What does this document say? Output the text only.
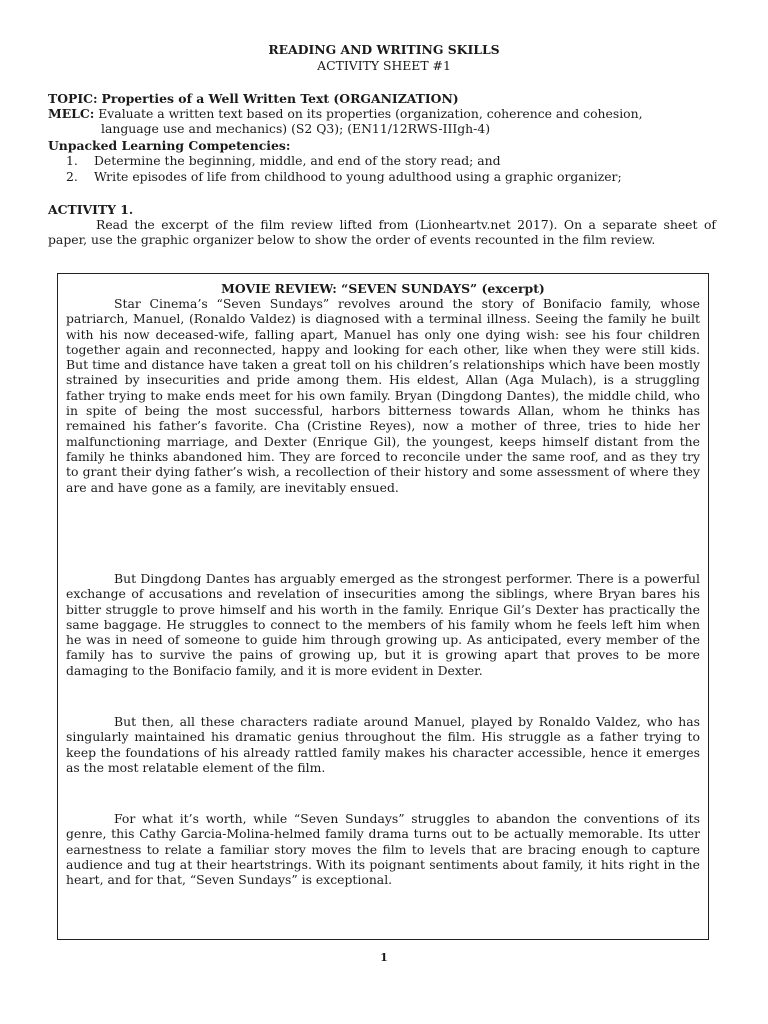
READING AND WRITING SKILLS
ACTIVITY SHEET #1
TOPIC: Properties of a Well Written Text (ORGANIZATION)
MELC: Evaluate a written text based on its properties (organization, coherence and cohesion,
language use and mechanics) (S2 Q3); (EN11/12RWS-IIIgh-4)
Unpacked Learning Competencies:
1. Determine the beginning, middle, and end of the story read; and
2. Write episodes of life from childhood to young adulthood using a graphic organizer;
ACTIVITY 1.
Read the excerpt of the film review lifted from (Lionheartv.net 2017). On a separate sheet of paper, use the graphic organizer below to show the order of events recounted in the film review.
MOVIE REVIEW: “SEVEN SUNDAYS” (excerpt)
Star Cinema’s “Seven Sundays” revolves around the story of Bonifacio family, whose patriarch, Manuel, (Ronaldo Valdez) is diagnosed with a terminal illness. Seeing the family he built with his now deceased-wife, falling apart, Manuel has only one dying wish: see his four children together again and reconnected, happy and looking for each other, like when they were still kids. But time and distance have taken a great toll on his children’s relationships which have been mostly strained by insecurities and pride among them. His eldest, Allan (Aga Mulach), is a struggling father trying to make ends meet for his own family. Bryan (Dingdong Dantes), the middle child, who in spite of being the most successful, harbors bitterness towards Allan, whom he thinks has remained his father’s favorite. Cha (Cristine Reyes), now a mother of three, tries to hide her malfunctioning marriage, and Dexter (Enrique Gil), the youngest, keeps himself distant from the family he thinks abandoned him. They are forced to reconcile under the same roof, and as they try to grant their dying father’s wish, a recollection of their history and some assessment of where they are and have gone as a family, are inevitably ensued.
But Dingdong Dantes has arguably emerged as the strongest performer. There is a powerful exchange of accusations and revelation of insecurities among the siblings, where Bryan bares his bitter struggle to prove himself and his worth in the family. Enrique Gil’s Dexter has practically the same baggage. He struggles to connect to the members of his family whom he feels left him when he was in need of someone to guide him through growing up. As anticipated, every member of the family has to survive the pains of growing up, but it is growing apart that proves to be more damaging to the Bonifacio family, and it is more evident in Dexter.
But then, all these characters radiate around Manuel, played by Ronaldo Valdez, who has singularly maintained his dramatic genius throughout the film. His struggle as a father trying to keep the foundations of his already rattled family makes his character accessible, hence it emerges as the most relatable element of the film.
For what it’s worth, while “Seven Sundays” struggles to abandon the conventions of its genre, this Cathy Garcia-Molina-helmed family drama turns out to be actually memorable. Its utter earnestness to relate a familiar story moves the film to levels that are bracing enough to capture audience and tug at their heartstrings. With its poignant sentiments about family, it hits right in the heart, and for that, “Seven Sundays” is exceptional.
1
